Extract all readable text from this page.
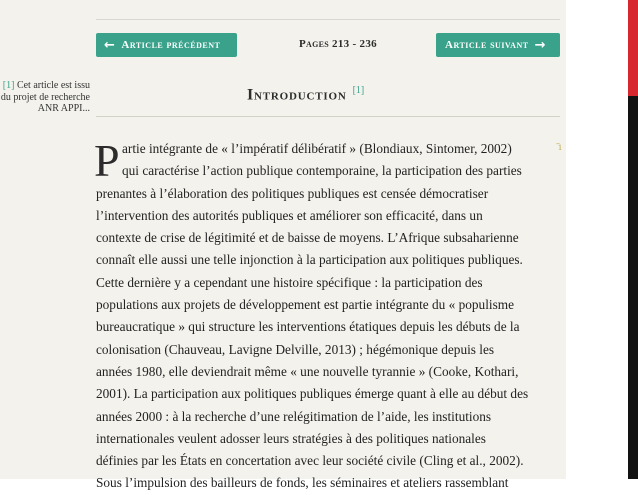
← Article précédent	Pages 213 - 236	Article suivant →
[1] Cet article est issu du projet de recherche ANR APPI...
Introduction [1]
–
1
P artie intégrante de « l’impératif délibératif » (Blondiaux, Sintomer, 2002)
qui caractérise l’action publique contemporaine, la participation des parties
prenantes à l’élaboration des politiques publiques est censée démocratiser
l’intervention des autorités publiques et améliorer son efficacité, dans un
contexte de crise de légitimité et de baisse de moyens. L’Afrique subsaharienne
connaît elle aussi une telle injonction à la participation aux politiques publiques.
Cette dernière y a cependant une histoire spécifique : la participation des
populations aux projets de développement est partie intégrante du « populisme
bureaucratique » qui structure les interventions étatiques depuis les débuts de la
colonisation (Chauveau, Lavigne Delville, 2013) ; hégémonique depuis les
années 1980, elle deviendrait même « une nouvelle tyrannie » (Cooke, Kothari,
2001). La participation aux politiques publiques émerge quant à elle au début des
années 2000 : à la recherche d’une relégitimation de l’aide, les institutions
internationales veulent adosser leurs stratégies à des politiques nationales
définies par les États en concertation avec leur société civile (Cling et al., 2002).
Sous l’impulsion des bailleurs de fonds, les séminaires et ateliers rassemblant
